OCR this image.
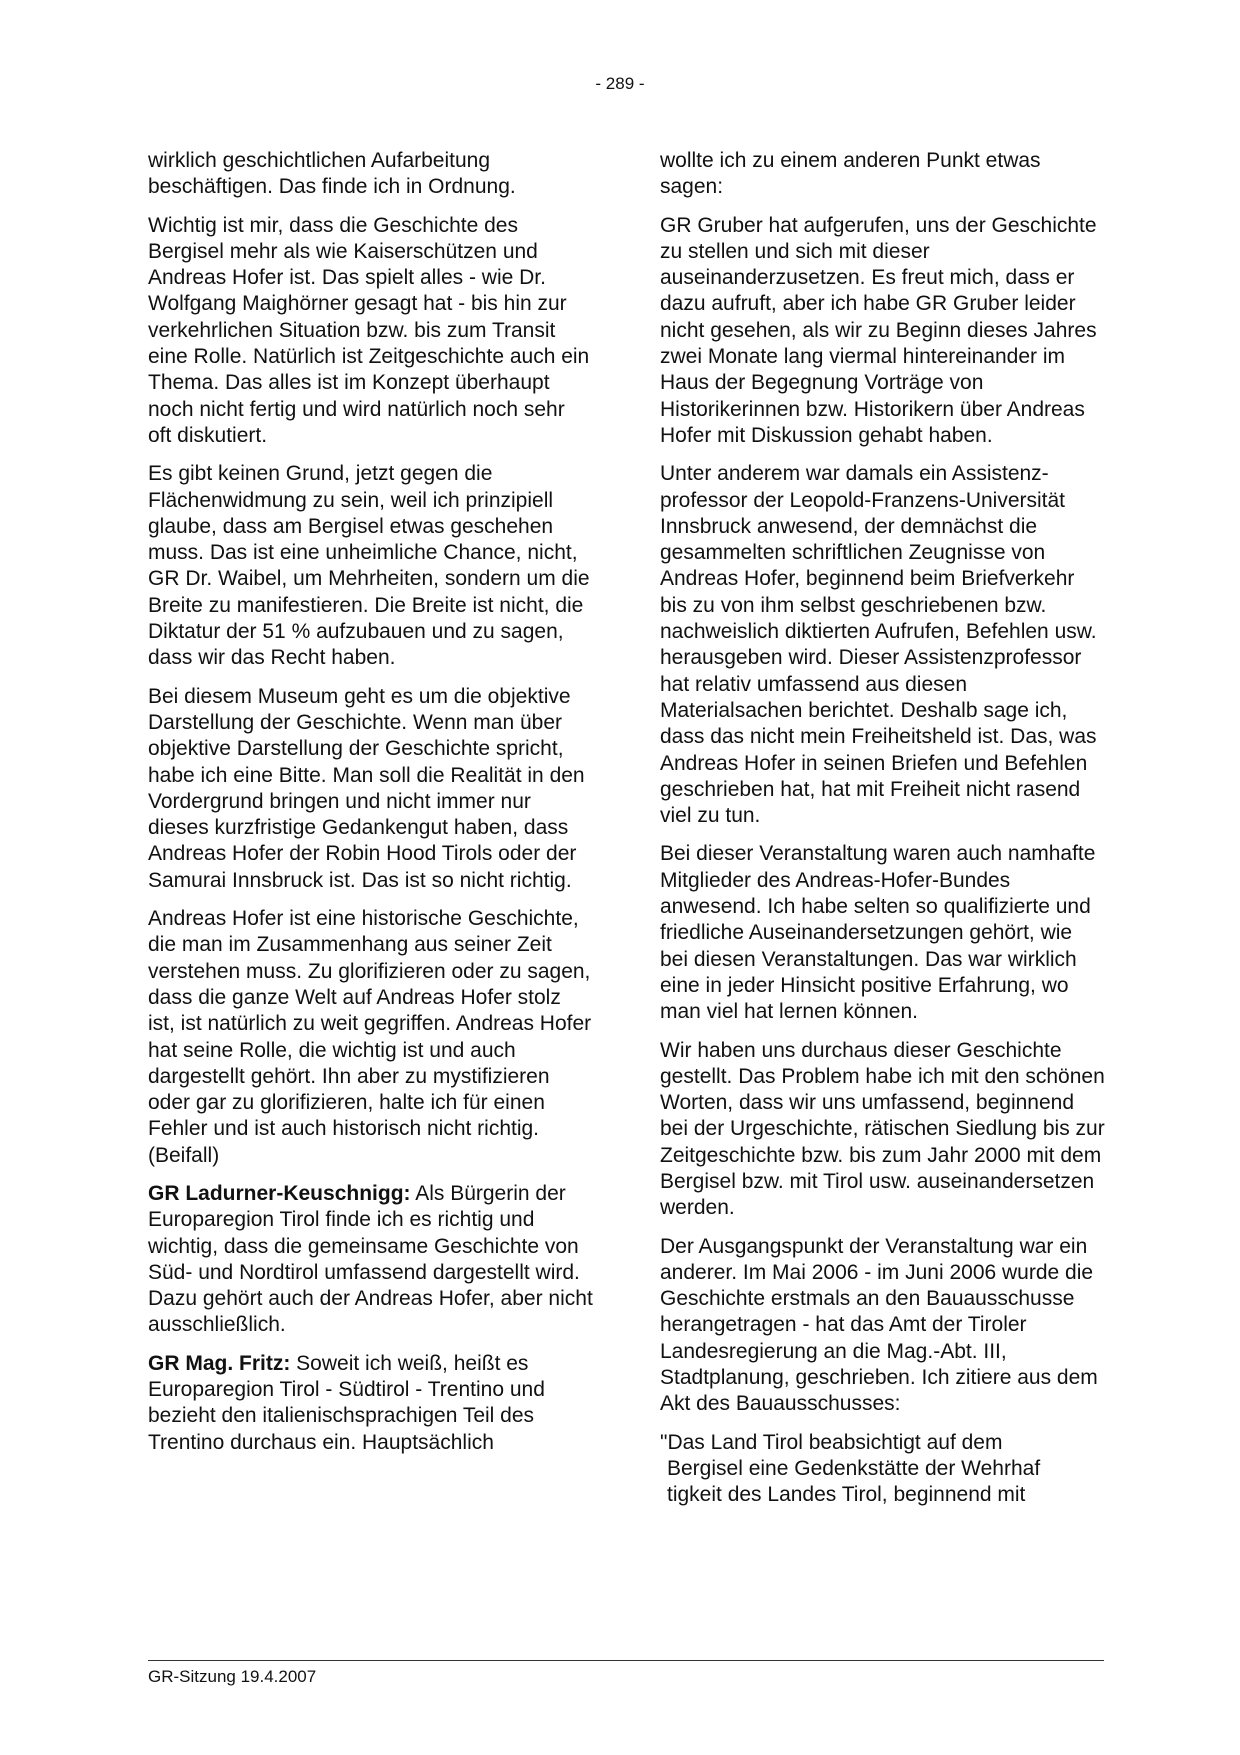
- 289 -

wirklich geschichtlichen Aufarbeitung beschäftigen. Das finde ich in Ordnung.

Wichtig ist mir, dass die Geschichte des Bergisel mehr als wie Kaiserschützen und Andreas Hofer ist. Das spielt alles - wie Dr. Wolfgang Maighörner gesagt hat - bis hin zur verkehrlichen Situation bzw. bis zum Transit eine Rolle. Natürlich ist Zeitgeschichte auch ein Thema. Das alles ist im Konzept überhaupt noch nicht fertig und wird natürlich noch sehr oft diskutiert.

Es gibt keinen Grund, jetzt gegen die Flächenwidmung zu sein, weil ich prinzipiell glaube, dass am Bergisel etwas geschehen muss. Das ist eine unheimliche Chance, nicht, GR Dr. Waibel, um Mehrheiten, sondern um die Breite zu manifestieren. Die Breite ist nicht, die Diktatur der 51 % aufzubauen und zu sagen, dass wir das Recht haben.

Bei diesem Museum geht es um die objektive Darstellung der Geschichte. Wenn man über objektive Darstellung der Geschichte spricht, habe ich eine Bitte. Man soll die Realität in den Vordergrund bringen und nicht immer nur dieses kurzfristige Gedankengut haben, dass Andreas Hofer der Robin Hood Tirols oder der Samurai Innsbruck ist. Das ist so nicht richtig.

Andreas Hofer ist eine historische Geschichte, die man im Zusammenhang aus seiner Zeit verstehen muss. Zu glorifizieren oder zu sagen, dass die ganze Welt auf Andreas Hofer stolz ist, ist natürlich zu weit gegriffen. Andreas Hofer hat seine Rolle, die wichtig ist und auch dargestellt gehört. Ihn aber zu mystifizieren oder gar zu glorifizieren, halte ich für einen Fehler und ist auch historisch nicht richtig. (Beifall)

GR Ladurner-Keuschnigg: Als Bürgerin der Europaregion Tirol finde ich es richtig und wichtig, dass die gemeinsame Geschichte von Süd- und Nordtirol umfassend dargestellt wird. Dazu gehört auch der Andreas Hofer, aber nicht ausschließlich.

GR Mag. Fritz: Soweit ich weiß, heißt es Europaregion Tirol - Südtirol - Trentino und bezieht den italienischsprachigen Teil des Trentino durchaus ein. Hauptsächlich

wollte ich zu einem anderen Punkt etwas sagen:

GR Gruber hat aufgerufen, uns der Geschichte zu stellen und sich mit dieser auseinanderzusetzen. Es freut mich, dass er dazu aufruft, aber ich habe GR Gruber leider nicht gesehen, als wir zu Beginn dieses Jahres zwei Monate lang viermal hintereinander im Haus der Begegnung Vorträge von Historikerinnen bzw. Historikern über Andreas Hofer mit Diskussion gehabt haben.

Unter anderem war damals ein Assistenzprofessor der Leopold-Franzens-Universität Innsbruck anwesend, der demnächst die gesammelten schriftlichen Zeugnisse von Andreas Hofer, beginnend beim Briefverkehr bis zu von ihm selbst geschriebenen bzw. nachweislich diktierten Aufrufen, Befehlen usw. herausgeben wird. Dieser Assistenzprofessor hat relativ umfassend aus diesen Materialsachen berichtet. Deshalb sage ich, dass das nicht mein Freiheitsheld ist. Das, was Andreas Hofer in seinen Briefen und Befehlen geschrieben hat, hat mit Freiheit nicht rasend viel zu tun.

Bei dieser Veranstaltung waren auch namhafte Mitglieder des Andreas-Hofer-Bundes anwesend. Ich habe selten so qualifizierte und friedliche Auseinandersetzungen gehört, wie bei diesen Veranstaltungen. Das war wirklich eine in jeder Hinsicht positive Erfahrung, wo man viel hat lernen können.

Wir haben uns durchaus dieser Geschichte gestellt. Das Problem habe ich mit den schönen Worten, dass wir uns umfassend, beginnend bei der Urgeschichte, rätischen Siedlung bis zur Zeitgeschichte bzw. bis zum Jahr 2000 mit dem Bergisel bzw. mit Tirol usw. auseinandersetzen werden.

Der Ausgangspunkt der Veranstaltung war ein anderer. Im Mai 2006 - im Juni 2006 wurde die Geschichte erstmals an den Bauausschusse herangetragen - hat das Amt der Tiroler Landesregierung an die Mag.-Abt. III, Stadtplanung, geschrieben. Ich zitiere aus dem Akt des Bauausschusses:

"Das Land Tirol beabsichtigt auf dem
Bergisel eine Gedenkstätte der Wehrhaf
tigkeit des Landes Tirol, beginnend mit

GR-Sitzung 19.4.2007
